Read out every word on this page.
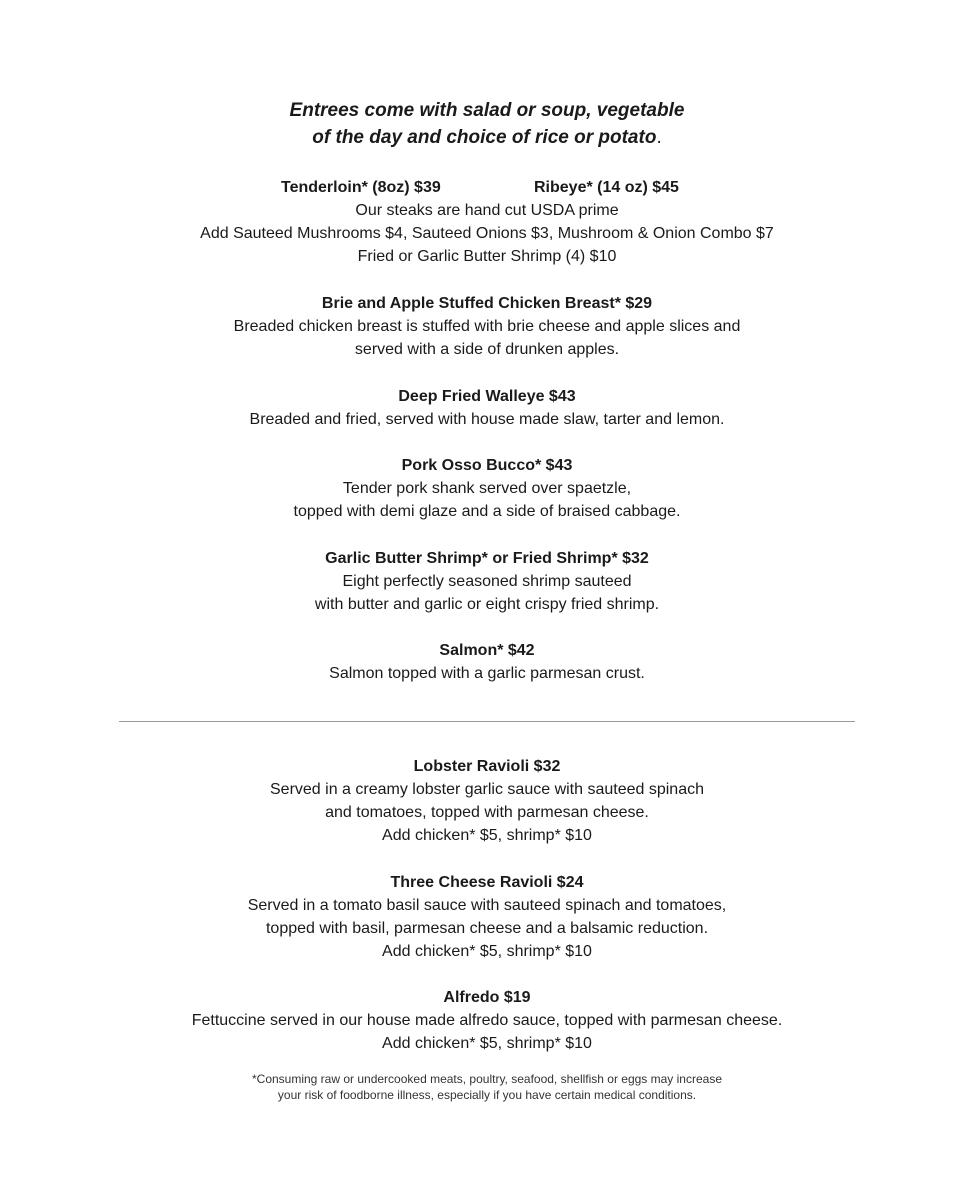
Entrees come with salad or soup, vegetable
of the day and choice of rice or potato.
Tenderloin* (8oz) $39	Ribeye* (14 oz) $45
Our steaks are hand cut USDA prime
Add Sauteed Mushrooms $4, Sauteed Onions $3, Mushroom & Onion Combo $7
Fried or Garlic Butter Shrimp (4) $10
Brie and Apple Stuffed Chicken Breast* $29
Breaded chicken breast is stuffed with brie cheese and apple slices and
served with a side of drunken apples.
Deep Fried Walleye $43
Breaded and fried, served with house made slaw, tarter and lemon.
Pork Osso Bucco* $43
Tender pork shank served over spaetzle,
topped with demi glaze and a side of braised cabbage.
Garlic Butter Shrimp* or Fried Shrimp* $32
Eight perfectly seasoned shrimp sauteed
with butter and garlic or eight crispy fried shrimp.
Salmon* $42
Salmon topped with a garlic parmesan crust.
Lobster Ravioli $32
Served in a creamy lobster garlic sauce with sauteed spinach
and tomatoes, topped with parmesan cheese.
Add chicken* $5, shrimp* $10
Three Cheese Ravioli $24
Served in a tomato basil sauce with sauteed spinach and tomatoes,
topped with basil, parmesan cheese and a balsamic reduction.
Add chicken* $5, shrimp* $10
Alfredo $19
Fettuccine served in our house made alfredo sauce, topped with parmesan cheese.
Add chicken* $5, shrimp* $10
*Consuming raw or undercooked meats, poultry, seafood, shellfish or eggs may increase
your risk of foodborne illness, especially if you have certain medical conditions.
